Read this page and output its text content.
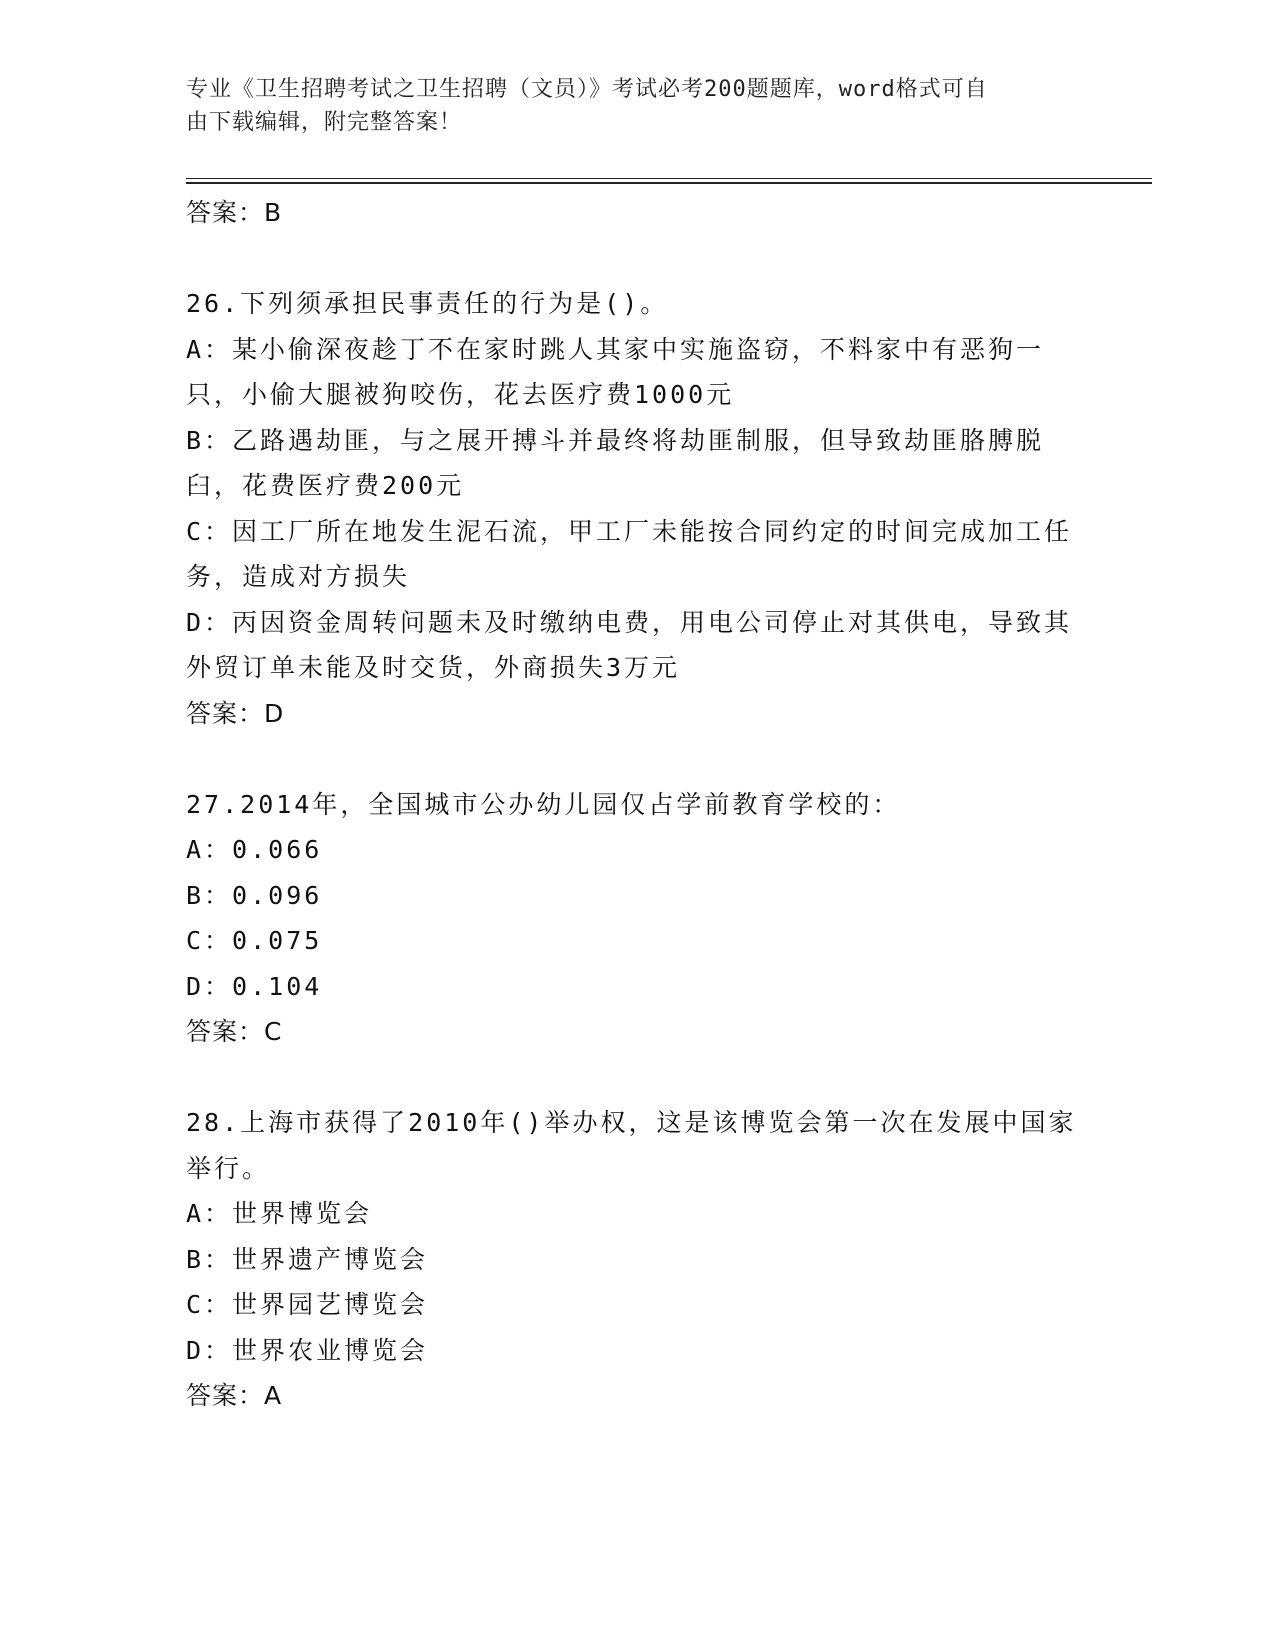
专业《卫生招聘考试之卫生招聘（文员）》考试必考200题题库，word格式可自
由下载编辑，附完整答案！
答案：B
26.下列须承担民事责任的行为是()。
A：某小偷深夜趁丁不在家时跳人其家中实施盗窃，不料家中有恶狗一只，小偷大腿被狗咬伤，花去医疗费1000元
B：乙路遇劫匪，与之展开搏斗并最终将劫匪制服，但导致劫匪胳膊脱臼，花费医疗费200元
C：因工厂所在地发生泥石流，甲工厂未能按合同约定的时间完成加工任务，造成对方损失
D：丙因资金周转问题未及时缴纳电费，用电公司停止对其供电，导致其外贸订单未能及时交货，外商损失3万元
答案：D
27.2014年，全国城市公办幼儿园仅占学前教育学校的：
A：0.066
B：0.096
C：0.075
D：0.104
答案：C
28.上海市获得了2010年()举办权，这是该博览会第一次在发展中国家举行。
A：世界博览会
B：世界遗产博览会
C：世界园艺博览会
D：世界农业博览会
答案：A
